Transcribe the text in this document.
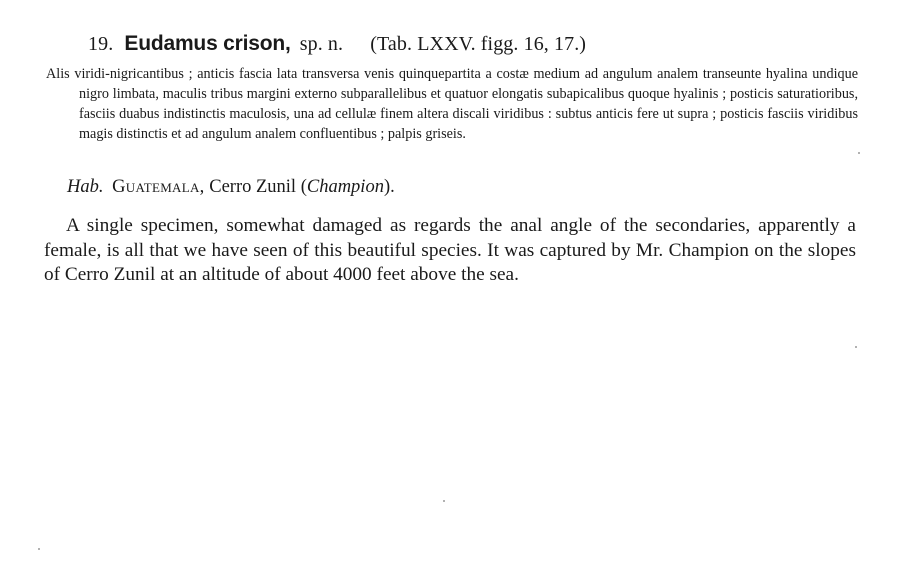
19. Eudamus crison, sp. n. (Tab. LXXV. figg. 16, 17.)
Alis viridi-nigricantibus ; anticis fascia lata transversa venis quinquepartita a costæ medium ad angulum analem transeunte hyalina undique nigro limbata, maculis tribus margini externo subparallelibus et quatuor elongatis subapicalibus quoque hyalinis ; posticis saturatioribus, fasciis duabus indistinctis maculosis, una ad cellulæ finem altera discali viridibus : subtus anticis fere ut supra ; posticis fasciis viridibus magis distinctis et ad angulum analem confluentibus ; palpis griseis.
Hab. Guatemala, Cerro Zunil (Champion).
A single specimen, somewhat damaged as regards the anal angle of the secondaries, apparently a female, is all that we have seen of this beautiful species. It was captured by Mr. Champion on the slopes of Cerro Zunil at an altitude of about 4000 feet above the sea.
